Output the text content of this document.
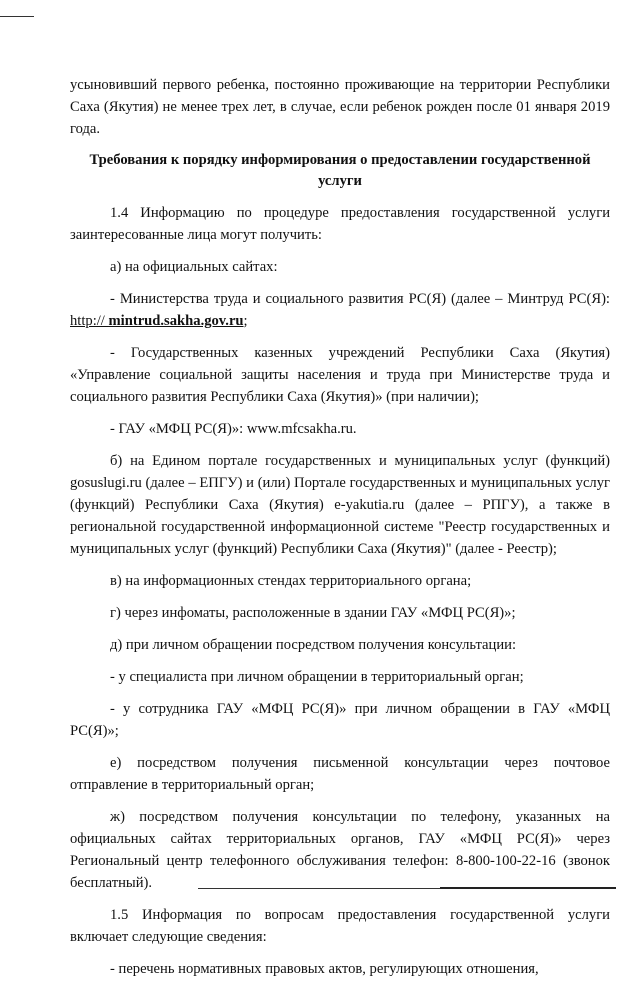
усыновивший первого ребенка, постоянно проживающие на территории Республики Саха (Якутия) не менее трех лет, в случае, если ребенок рожден после 01 января 2019 года.

Требования к порядку информирования о предоставлении государственной услуги

1.4 Информацию по процедуре предоставления государственной услуги заинтересованные лица могут получить:

а) на официальных сайтах:

- Министерства труда и социального развития РС(Я) (далее – Минтруд РС(Я): http:// mintrud.sakha.gov.ru;

- Государственных казенных учреждений Республики Саха (Якутия) «Управление социальной защиты населения и труда при Министерстве труда и социального развития Республики Саха (Якутия)» (при наличии);

- ГАУ «МФЦ РС(Я)»: www.mfcsakha.ru.

б) на Едином портале государственных и муниципальных услуг (функций) gosuslugi.ru (далее – ЕПГУ) и (или) Портале государственных и муниципальных услуг (функций) Республики Саха (Якутия) e-yakutia.ru (далее – РПГУ), а также в региональной государственной информационной системе "Реестр государственных и муниципальных услуг (функций) Республики Саха (Якутия)" (далее - Реестр);

в) на информационных стендах территориального органа;

г) через инфоматы, расположенные в здании ГАУ «МФЦ РС(Я)»;

д) при личном обращении посредством получения консультации:

- у специалиста при личном обращении в территориальный орган;

- у сотрудника ГАУ «МФЦ РС(Я)» при личном обращении в ГАУ «МФЦ РС(Я)»;

е) посредством получения письменной консультации через почтовое отправление в территориальный орган;

ж) посредством получения консультации по телефону, указанных на официальных сайтах территориальных органов, ГАУ «МФЦ РС(Я)» через Региональный центр телефонного обслуживания телефон: 8-800-100-22-16 (звонок бесплатный).

1.5 Информация по вопросам предоставления государственной услуги включает следующие сведения:

- перечень нормативных правовых актов, регулирующих отношения,
